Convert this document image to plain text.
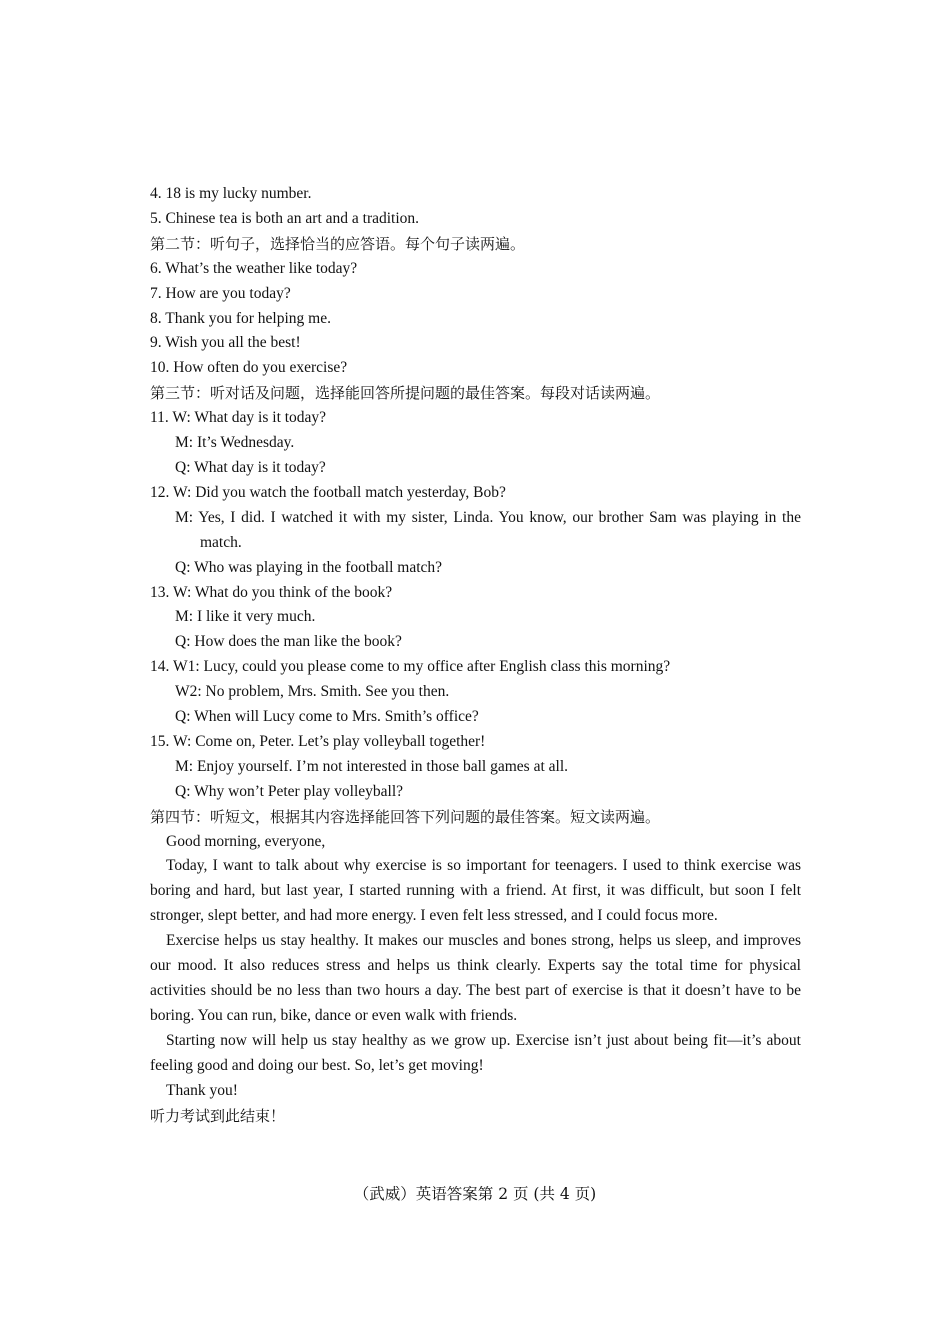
4. 18 is my lucky number.
5. Chinese tea is both an art and a tradition.
第二节：听句子，选择恰当的应答语。每个句子读两遍。
6. What’s the weather like today?
7. How are you today?
8. Thank you for helping me.
9. Wish you all the best!
10. How often do you exercise?
第三节：听对话及问题，选择能回答所提问题的最佳答案。每段对话读两遍。
11. W: What day is it today?
M: It’s Wednesday.
Q: What day is it today?
12. W: Did you watch the football match yesterday, Bob?
M: Yes, I did. I watched it with my sister, Linda. You know, our brother Sam was playing in the match.
Q: Who was playing in the football match?
13. W: What do you think of the book?
M: I like it very much.
Q: How does the man like the book?
14. W1: Lucy, could you please come to my office after English class this morning?
W2: No problem, Mrs. Smith. See you then.
Q: When will Lucy come to Mrs. Smith’s office?
15. W: Come on, Peter. Let’s play volleyball together!
M: Enjoy yourself. I’m not interested in those ball games at all.
Q: Why won’t Peter play volleyball?
第四节：听短文，根据其内容选择能回答下列问题的最佳答案。短文读两遍。
Good morning, everyone,
Today, I want to talk about why exercise is so important for teenagers. I used to think exercise was boring and hard, but last year, I started running with a friend. At first, it was difficult, but soon I felt stronger, slept better, and had more energy. I even felt less stressed, and I could focus more.
Exercise helps us stay healthy. It makes our muscles and bones strong, helps us sleep, and improves our mood. It also reduces stress and helps us think clearly. Experts say the total time for physical activities should be no less than two hours a day. The best part of exercise is that it doesn’t have to be boring. You can run, bike, dance or even walk with friends.
Starting now will help us stay healthy as we grow up. Exercise isn’t just about being fit—it’s about feeling good and doing our best. So, let’s get moving!
Thank you!
听力考试到此结束！
（武威）英语答案第 2 页 (共 4 页)
